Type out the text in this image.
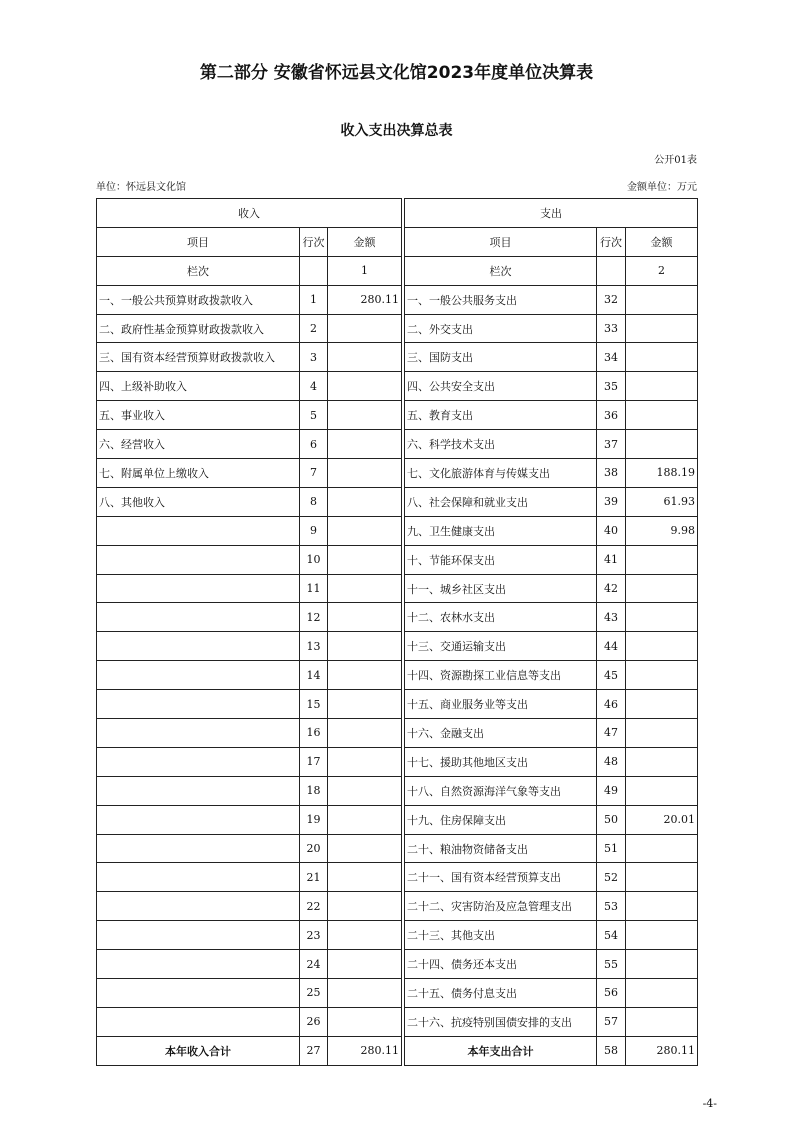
第二部分 安徽省怀远县文化馆2023年度单位决算表
收入支出决算总表
公开01表
单位：怀远县文化馆	金额单位：万元
收入				支出		
项目	行次	金额		项目	行次	金额
栏次		1		栏次		2
一、一般公共预算财政拨款收入	1	280.11		一、一般公共服务支出	32	
二、政府性基金预算财政拨款收入	2			二、外交支出	33	
三、国有资本经营预算财政拨款收入	3			三、国防支出	34	
四、上级补助收入	4			四、公共安全支出	35	
五、事业收入	5			五、教育支出	36	
六、经营收入	6			六、科学技术支出	37	
七、附属单位上缴收入	7			七、文化旅游体育与传媒支出	38	188.19
八、其他收入	8			八、社会保障和就业支出	39	61.93
	9			九、卫生健康支出	40	9.98
	10			十、节能环保支出	41	
	11			十一、城乡社区支出	42	
	12			十二、农林水支出	43	
	13			十三、交通运输支出	44	
	14			十四、资源勘探工业信息等支出	45	
	15			十五、商业服务业等支出	46	
	16			十六、金融支出	47	
	17			十七、援助其他地区支出	48	
	18			十八、自然资源海洋气象等支出	49	
	19			十九、住房保障支出	50	20.01
	20			二十、粮油物资储备支出	51	
	21			二十一、国有资本经营预算支出	52	
	22			二十二、灾害防治及应急管理支出	53	
	23			二十三、其他支出	54	
	24			二十四、债务还本支出	55	
	25			二十五、债务付息支出	56	
	26			二十六、抗疫特别国债安排的支出	57	
本年收入合计	27	280.11		本年支出合计	58	280.11
-4-
